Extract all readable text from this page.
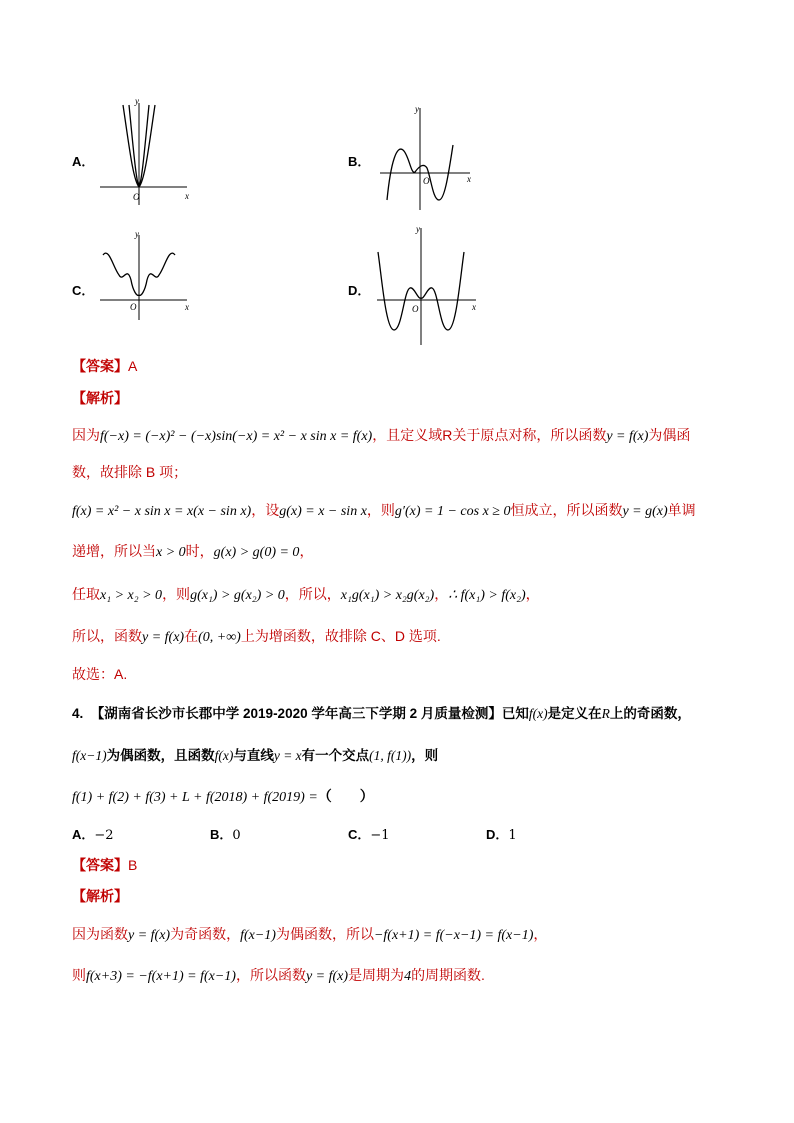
A．
y
x
O
B．
y
x
O
C．
y
x
O
D．
y
x
O
【答案】A
【解析】
因为f(−x) = (−x)² − (−x)sin(−x) = x² − x sin x = f(x)，且定义域R关于原点对称，所以函数y = f(x)为偶函
数，故排除 B 项；
f(x) = x² − x sin x = x(x − sin x)，设g(x) = x − sin x，则g′(x) = 1 − cos x ≥ 0恒成立，所以函数y = g(x)单调
递增，所以当x > 0时，g(x) > g(0) = 0，
任取x₁ > x₂ > 0，则g(x₁) > g(x₂) > 0，所以，x₁g(x₁) > x₂g(x₂)，∴ f(x₁) > f(x₂)，
所以，函数y = f(x)在(0, +∞)上为增函数，故排除 C、D 选项.
故选：A.
4. 【湖南省长沙市长郡中学 2019-2020 学年高三下学期 2 月质量检测】已知f(x)是定义在R上的奇函数，
f(x−1)为偶函数，且函数f(x)与直线y = x有一个交点(1, f(1))，则
f(1) + f(2) + f(3) + L + f(2018) + f(2019) =（　　）
A．−2	B．0	C．−1	D．1
【答案】B
【解析】
因为函数y = f(x)为奇函数，f(x−1)为偶函数，所以−f(x+1) = f(−x−1) = f(x−1)，
则f(x+3) = −f(x+1) = f(x−1)，所以函数y = f(x)是周期为4的周期函数.
